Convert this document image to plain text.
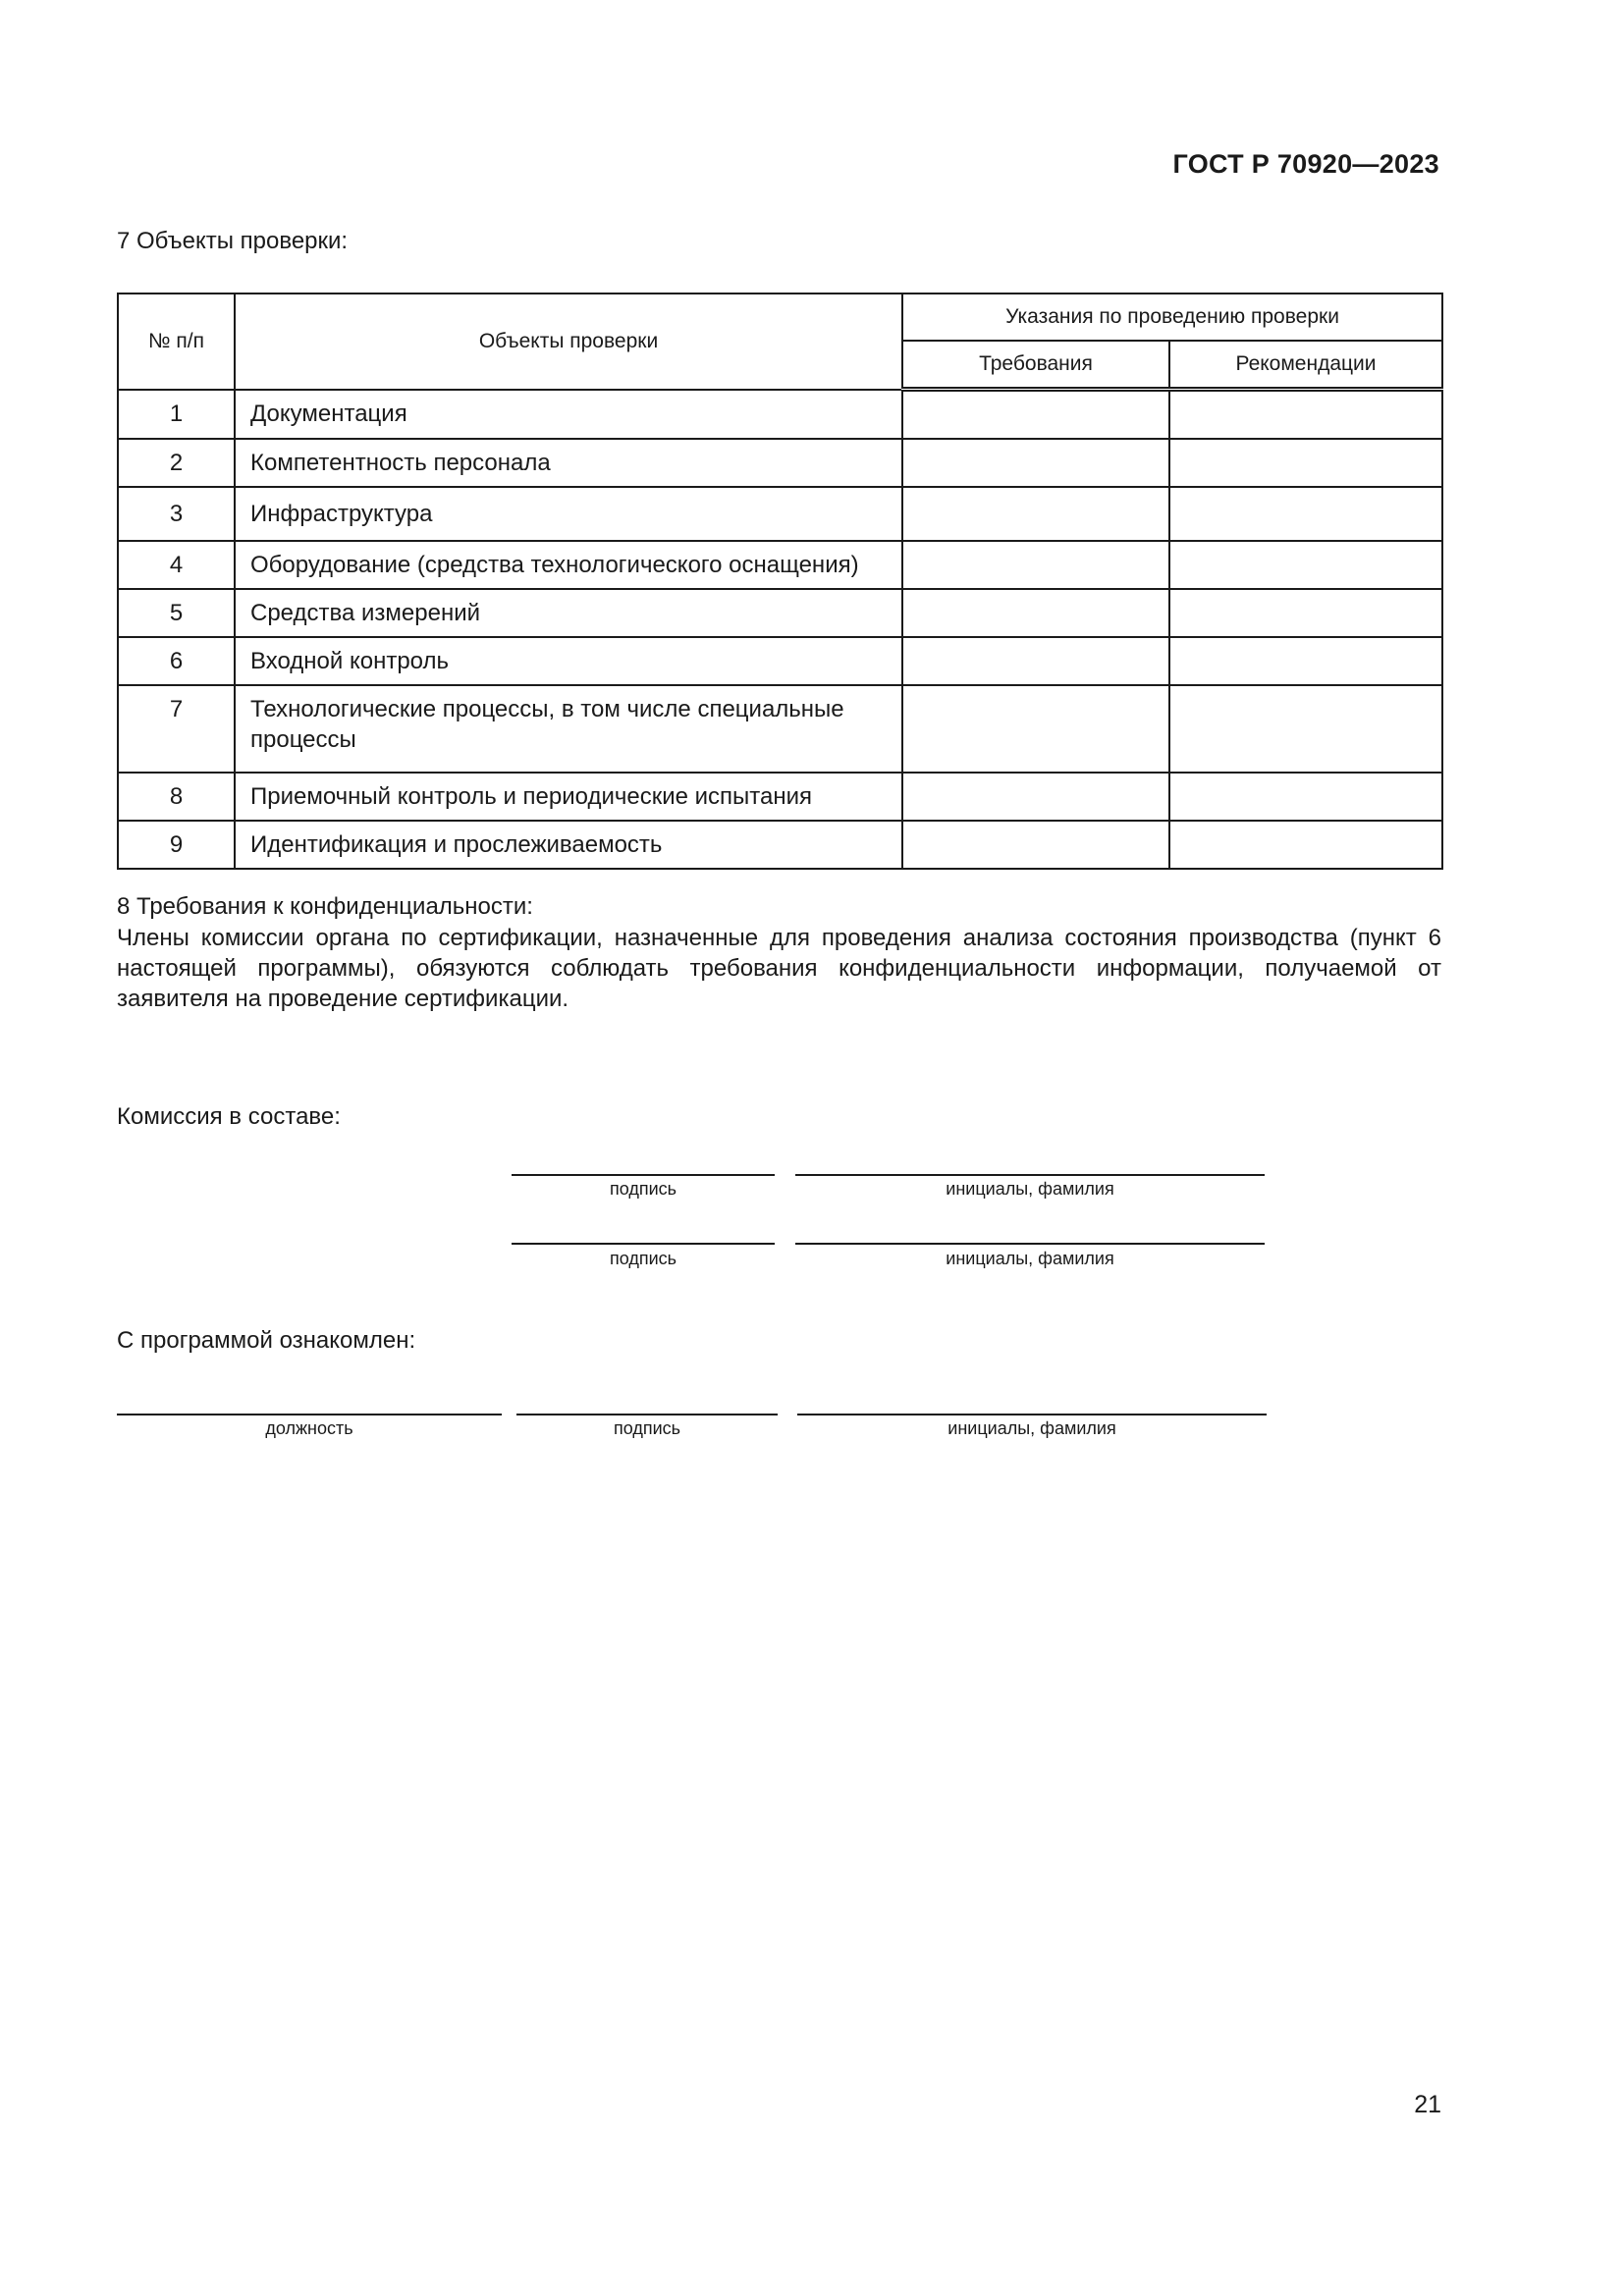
ГОСТ Р 70920—2023
7 Объекты проверки:
№ п/п	Объекты проверки	Указания по проведению проверки	
		Требования	Рекомендации
1	Документация		
2	Компетентность персонала		
3	Инфраструктура		
4	Оборудование (средства технологического оснащения)		
5	Средства измерений		
6	Входной контроль		
7	Технологические процессы, в том числе специальные процессы		
8	Приемочный контроль и периодические испытания		
9	Идентификация и прослеживаемость		
8 Требования к конфиденциальности:
Члены комиссии органа по сертификации, назначенные для проведения анализа состояния производства (пункт 6 настоящей программы), обязуются соблюдать требования конфиденциальности информации, получаемой от заявителя на проведение сертификации.
Комиссия в составе:
подпись	инициалы, фамилия
подпись	инициалы, фамилия
С программой ознакомлен:
должность	подпись	инициалы, фамилия
21
